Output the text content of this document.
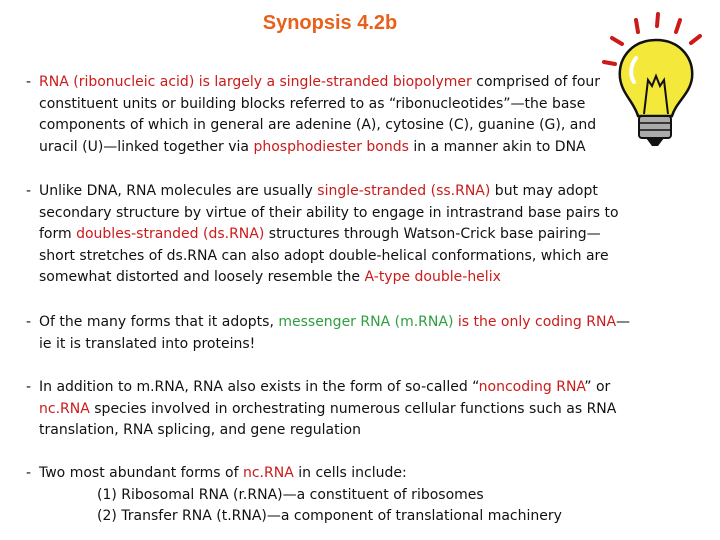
Synopsis 4.2b
- RNA (ribonucleic acid) is largely a single-stranded biopolymer comprised of four
constituent units or building blocks referred to as “ribonucleotides”—the base
components of which in general are adenine (A), cytosine (C), guanine (G), and
uracil (U)—linked together via phosphodiester bonds in a manner akin to DNA
- Unlike DNA, RNA molecules are usually single-stranded (ss.RNA) but may adopt
secondary structure by virtue of their ability to engage in intrastrand base pairs to
form doubles-stranded (ds.RNA) structures through Watson-Crick base pairing—
short stretches of ds.RNA can also adopt double-helical conformations, which are
somewhat distorted and loosely resemble the A-type double-helix
- Of the many forms that it adopts, messenger RNA (m.RNA) is the only coding RNA—
ie it is translated into proteins!
- In addition to m.RNA, RNA also exists in the form of so-called “noncoding RNA” or
nc.RNA species involved in orchestrating numerous cellular functions such as RNA
translation, RNA splicing, and gene regulation
- Two most abundant forms of nc.RNA in cells include:
(1) Ribosomal RNA (r.RNA)—a constituent of ribosomes
(2) Transfer RNA (t.RNA)—a component of translational machinery
